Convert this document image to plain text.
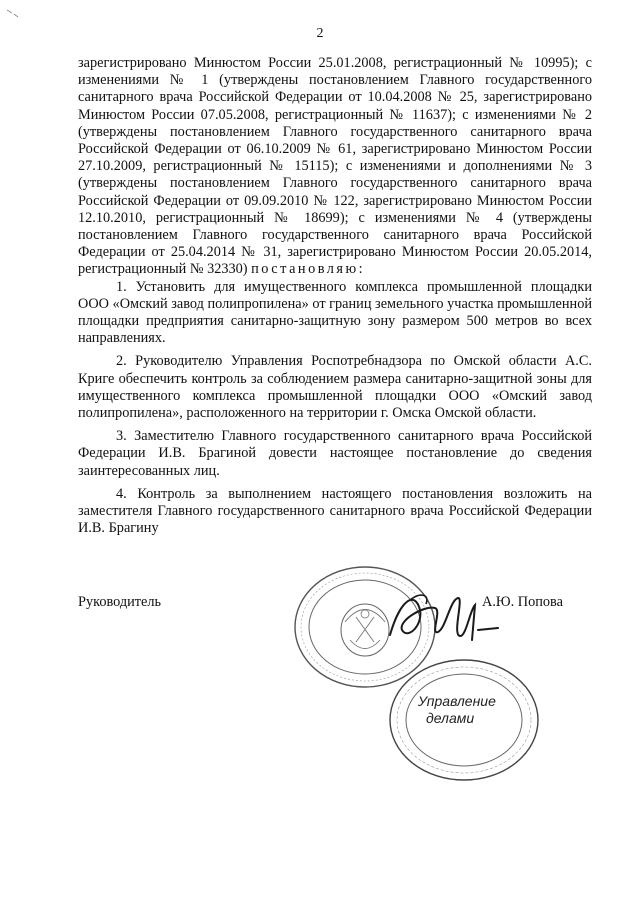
2

зарегистрировано Минюстом России 25.01.2008, регистрационный № 10995); с изменениями № 1 (утверждены постановлением Главного государственного санитарного врача Российской Федерации от 10.04.2008 № 25, зарегистрировано Минюстом России 07.05.2008, регистрационный № 11637); с изменениями № 2 (утверждены постановлением Главного государственного санитарного врача Российской Федерации от 06.10.2009 № 61, зарегистрировано Минюстом России 27.10.2009, регистрационный № 15115); с изменениями и дополнениями № 3 (утверждены постановлением Главного государственного санитарного врача Российской Федерации от 09.09.2010 № 122, зарегистрировано Минюстом России 12.10.2010, регистрационный № 18699); с изменениями № 4 (утверждены постановлением Главного государственного санитарного врача Российской Федерации от 25.04.2014 № 31, зарегистрировано Минюстом России 20.05.2014, регистрационный № 32330) постановляю:

1. Установить для имущественного комплекса промышленной площадки ООО «Омский завод полипропилена» от границ земельного участка промышленной площадки предприятия санитарно-защитную зону размером 500 метров во всех направлениях.

2. Руководителю Управления Роспотребнадзора по Омской области А.С. Криге обеспечить контроль за соблюдением размера санитарно-защитной зоны для имущественного комплекса промышленной площадки ООО «Омский завод полипропилена», расположенного на территории г. Омска Омской области.

3. Заместителю Главного государственного санитарного врача Российской Федерации И.В. Брагиной довести настоящее постановление до сведения заинтересованных лиц.

4. Контроль за выполнением настоящего постановления возложить на заместителя Главного государственного санитарного врача Российской Федерации И.В. Брагину

Управление
делами
Руководитель	А.Ю. Попова
